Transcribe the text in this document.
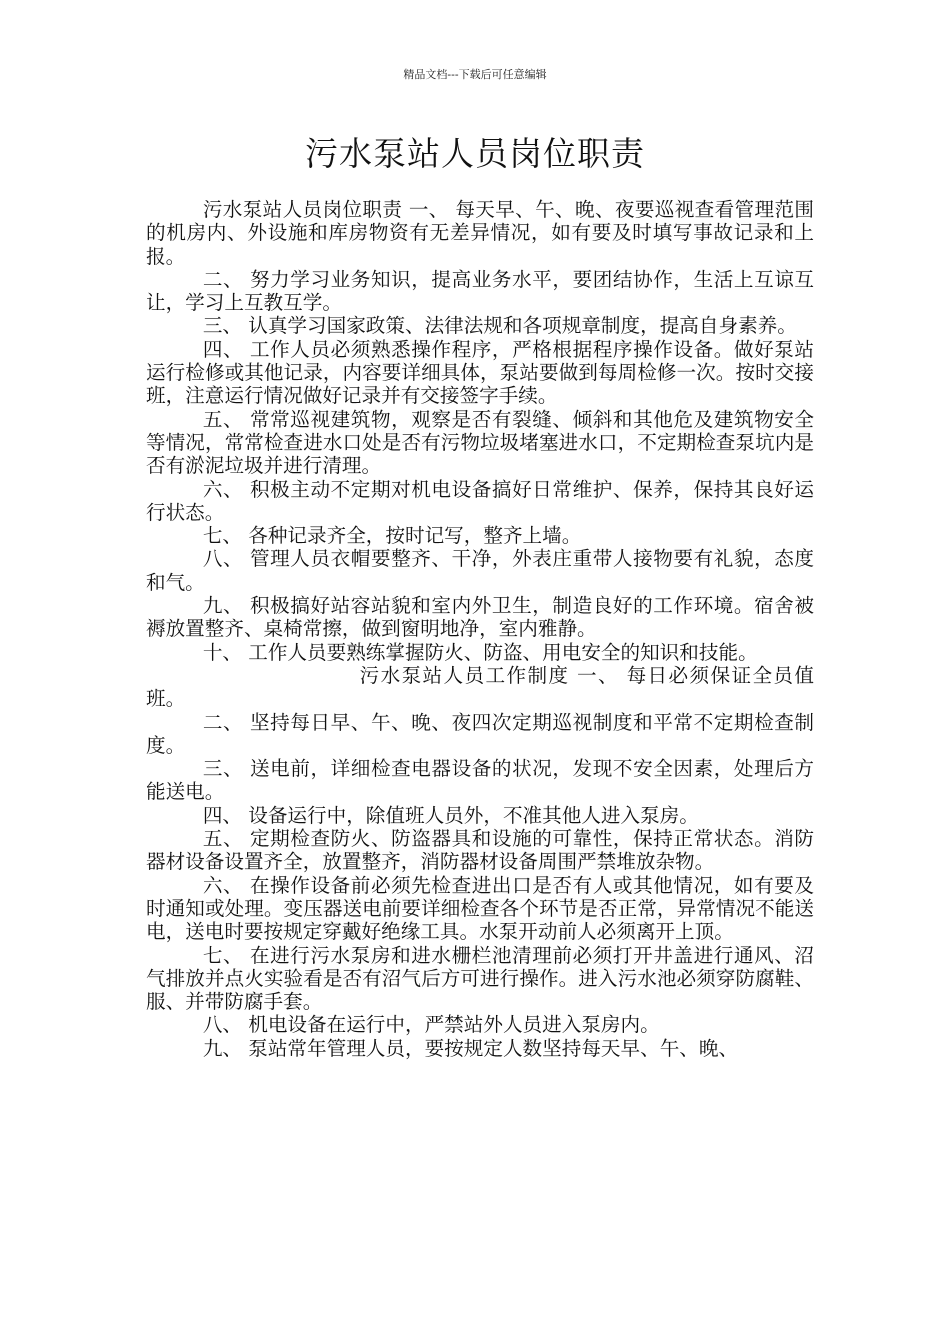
精品文档---下载后可任意编辑
污水泵站人员岗位职责

污水泵站人员岗位职责 一、 每天早、午、晚、夜要巡视查看管理范围的机房内、外设施和库房物资有无差异情况，如有要及时填写事故记录和上报。

二、 努力学习业务知识，提高业务水平，要团结协作，生活上互谅互让，学习上互教互学。

三、 认真学习国家政策、法律法规和各项规章制度，提高自身素养。

四、 工作人员必须熟悉操作程序，严格根据程序操作设备。做好泵站运行检修或其他记录，内容要详细具体，泵站要做到每周检修一次。按时交接班，注意运行情况做好记录并有交接签字手续。

五、 常常巡视建筑物，观察是否有裂缝、倾斜和其他危及建筑物安全等情况，常常检查进水口处是否有污物垃圾堵塞进水口，不定期检查泵坑内是否有淤泥垃圾并进行清理。

六、 积极主动不定期对机电设备搞好日常维护、保养，保持其良好运行状态。

七、 各种记录齐全，按时记写，整齐上墙。

八、 管理人员衣帽要整齐、干净，外表庄重带人接物要有礼貌，态度和气。

九、 积极搞好站容站貌和室内外卫生，制造良好的工作环境。宿舍被褥放置整齐、桌椅常擦，做到窗明地净，室内雅静。

十、 工作人员要熟练掌握防火、防盗、用电安全的知识和技能。

污水泵站人员工作制度 一、 每日必须保证全员值班。

二、 坚持每日早、午、晚、夜四次定期巡视制度和平常不定期检查制度。

三、 送电前，详细检查电器设备的状况，发现不安全因素，处理后方能送电。

四、 设备运行中，除值班人员外，不准其他人进入泵房。

五、 定期检查防火、防盗器具和设施的可靠性，保持正常状态。消防器材设备设置齐全，放置整齐，消防器材设备周围严禁堆放杂物。

六、 在操作设备前必须先检查进出口是否有人或其他情况，如有要及时通知或处理。变压器送电前要详细检查各个环节是否正常，异常情况不能送电，送电时要按规定穿戴好绝缘工具。水泵开动前人必须离开上顶。

七、 在进行污水泵房和进水栅栏池清理前必须打开井盖进行通风、沼气排放并点火实验看是否有沼气后方可进行操作。进入污水池必须穿防腐鞋、服、并带防腐手套。

八、 机电设备在运行中，严禁站外人员进入泵房内。

九、 泵站常年管理人员，要按规定人数坚持每天早、午、晚、
